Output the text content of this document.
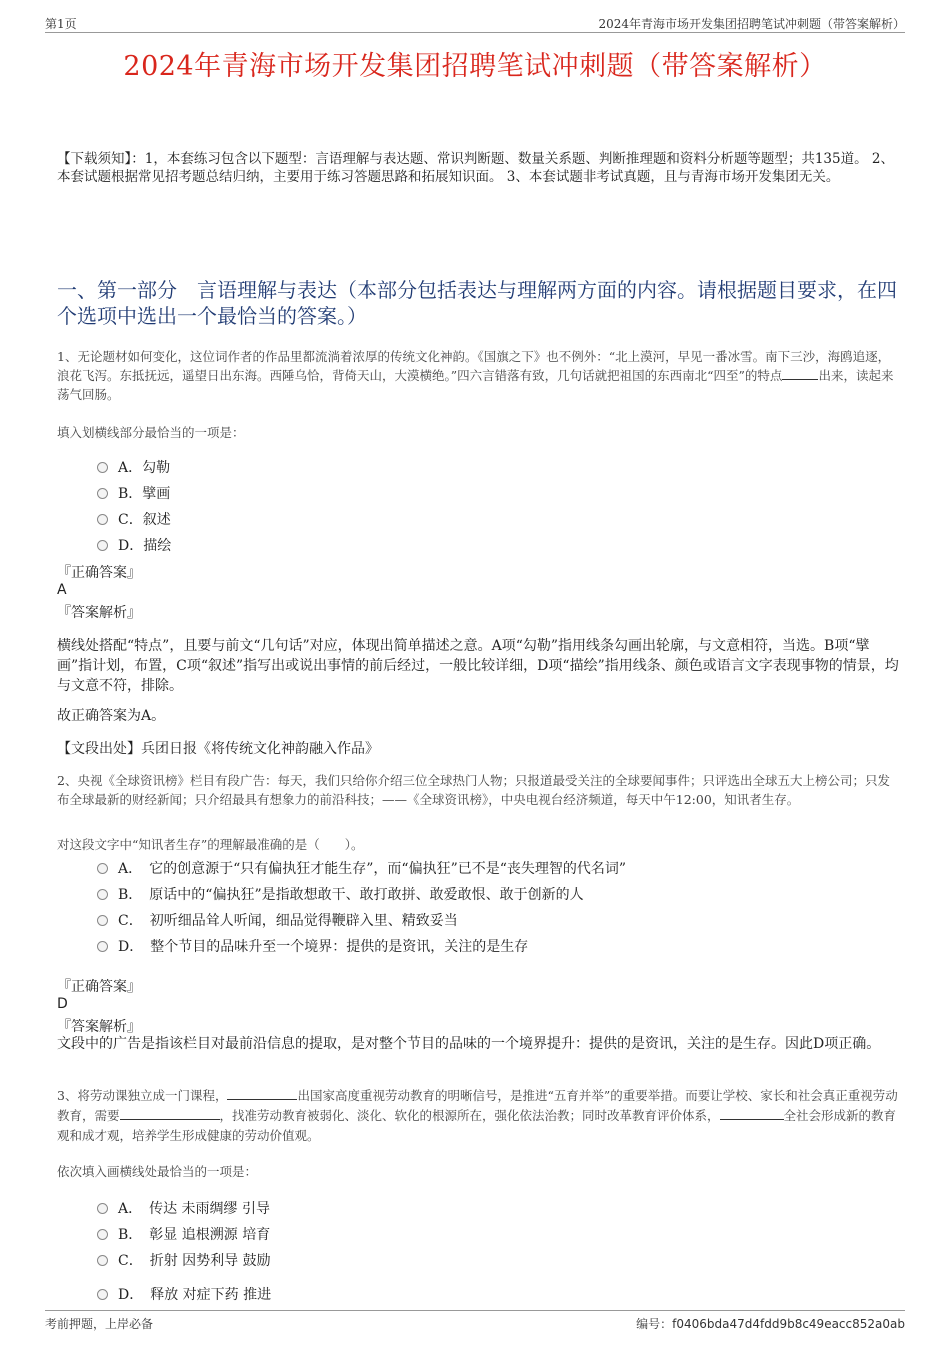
第1页	2024年青海市场开发集团招聘笔试冲刺题（带答案解析）
2024年青海市场开发集团招聘笔试冲刺题（带答案解析）
【下载须知】：1，本套练习包含以下题型：言语理解与表达题、常识判断题、数量关系题、判断推理题和资料分析题等题型；共135道。 2、本套试题根据常见招考题总结归纳，主要用于练习答题思路和拓展知识面。 3、本套试题非考试真题，且与青海市场开发集团无关。
一、第一部分　言语理解与表达（本部分包括表达与理解两方面的内容。请根据题目要求，在四个选项中选出一个最恰当的答案。）
1、无论题材如何变化，这位词作者的作品里都流淌着浓厚的传统文化神韵。《国旗之下》也不例外：“北上漠河，早见一番冰雪。南下三沙，海鸥追逐，浪花飞泻。东抵抚远，遥望日出东海。西陲乌恰，背倚天山，大漠横绝。”四六言错落有致，几句话就把祖国的东西南北“四至”的特点	出来，读起来荡气回肠。
填入划横线部分最恰当的一项是：
A．勾勒
B．擘画
C．叙述
D．描绘
『正确答案』
A
『答案解析』
横线处搭配“特点”，且要与前文“几句话”对应，体现出简单描述之意。A项“勾勒”指用线条勾画出轮廓，与文意相符，当选。B项“擘画”指计划，布置，C项“叙述”指写出或说出事情的前后经过，一般比较详细，D项“描绘”指用线条、颜色或语言文字表现事物的情景，均与文意不符，排除。
故正确答案为A。
【文段出处】兵团日报《将传统文化神韵融入作品》
2、央视《全球资讯榜》栏目有段广告：每天，我们只给你介绍三位全球热门人物；只报道最受关注的全球要闻事件；只评选出全球五大上榜公司；只发布全球最新的财经新闻；只介绍最具有想象力的前沿科技；——《全球资讯榜》，中央电视台经济频道，每天中午12:00，知讯者生存。
对这段文字中“知讯者生存”的理解最准确的是（　　）。
A．　它的创意源于“只有偏执狂才能生存”，而“偏执狂”已不是“丧失理智的代名词”
B．　原话中的“偏执狂”是指敢想敢干、敢打敢拼、敢爱敢恨、敢于创新的人
C．　初听细品耸人听闻，细品觉得鞭辟入里、精致妥当
D．　整个节目的品味升至一个境界：提供的是资讯，关注的是生存
『正确答案』
D
『答案解析』
文段中的广告是指该栏目对最前沿信息的提取，是对整个节目的品味的一个境界提升：提供的是资讯，关注的是生存。因此D项正确。
3、将劳动课独立成一门课程，	出国家高度重视劳动教育的明晰信号，是推进“五育并举”的重要举措。而要让学校、家长和社会真正重视劳动教育，需要	，找准劳动教育被弱化、淡化、软化的根源所在，强化依法治教；同时改革教育评价体系，	全社会形成新的教育观和成才观，培养学生形成健康的劳动价值观。
依次填入画横线处最恰当的一项是：
A．　传达 未雨绸缪 引导
B．　彰显 追根溯源 培育
C．　折射 因势利导 鼓励
D．　释放 对症下药 推进
考前押题，上岸必备	编号：f0406bda47d4fdd9b8c49eacc852a0ab
